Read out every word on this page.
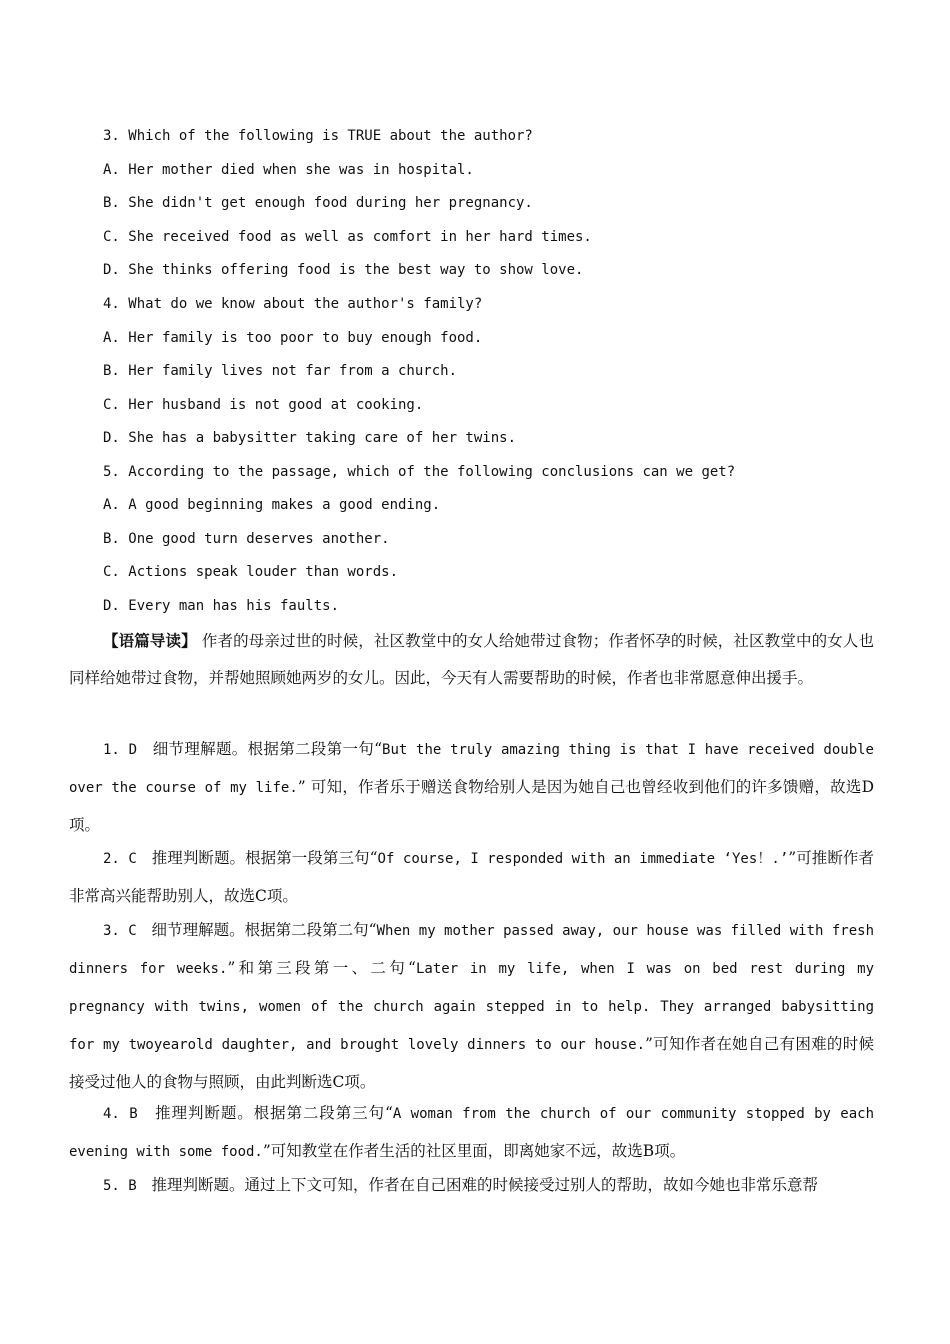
3. Which of the following is TRUE about the author?
A. Her mother died when she was in hospital.
B. She didn't get enough food during her pregnancy.
C. She received food as well as comfort in her hard times.
D. She thinks offering food is the best way to show love.
4. What do we know about the author's family?
A. Her family is too poor to buy enough food.
B. Her family lives not far from a church.
C. Her husband is not good at cooking.
D. She has a babysitter taking care of her twins.
5. According to the passage, which of the following conclusions can we get?
A. A good beginning makes a good ending.
B. One good turn deserves another.
C. Actions speak louder than words.
D. Every man has his faults.
【语篇导读】 作者的母亲过世的时候，社区教堂中的女人给她带过食物；作者怀孕的时候，社区教堂中的女人也同样给她带过食物，并帮她照顾她两岁的女儿。因此，今天有人需要帮助的时候，作者也非常愿意伸出援手。
1. D 细节理解题。根据第二段第一句“But the truly amazing thing is that I have received double over the course of my life.” 可知，作者乐于赠送食物给别人是因为她自己也曾经收到他们的许多馈赠，故选D项。
2. C 推理判断题。根据第一段第三句“Of course, I responded with an immediate ‘Yes！.’”可推断作者非常高兴能帮助别人，故选C项。
3. C 细节理解题。根据第二段第二句“When my mother passed away, our house was filled with fresh dinners for weeks.”和第三段第一、二句“Later in my life, when I was on bed rest during my pregnancy with twins, women of the church again stepped in to help. They arranged babysitting for my twoyearold daughter, and brought lovely dinners to our house.”可知作者在她自己有困难的时候接受过他人的食物与照顾，由此判断选C项。
4. B 推理判断题。根据第二段第三句“A woman from the church of our community stopped by each evening with some food.”可知教堂在作者生活的社区里面，即离她家不远，故选B项。
5. B 推理判断题。通过上下文可知，作者在自己困难的时候接受过别人的帮助，故如今她也非常乐意帮
